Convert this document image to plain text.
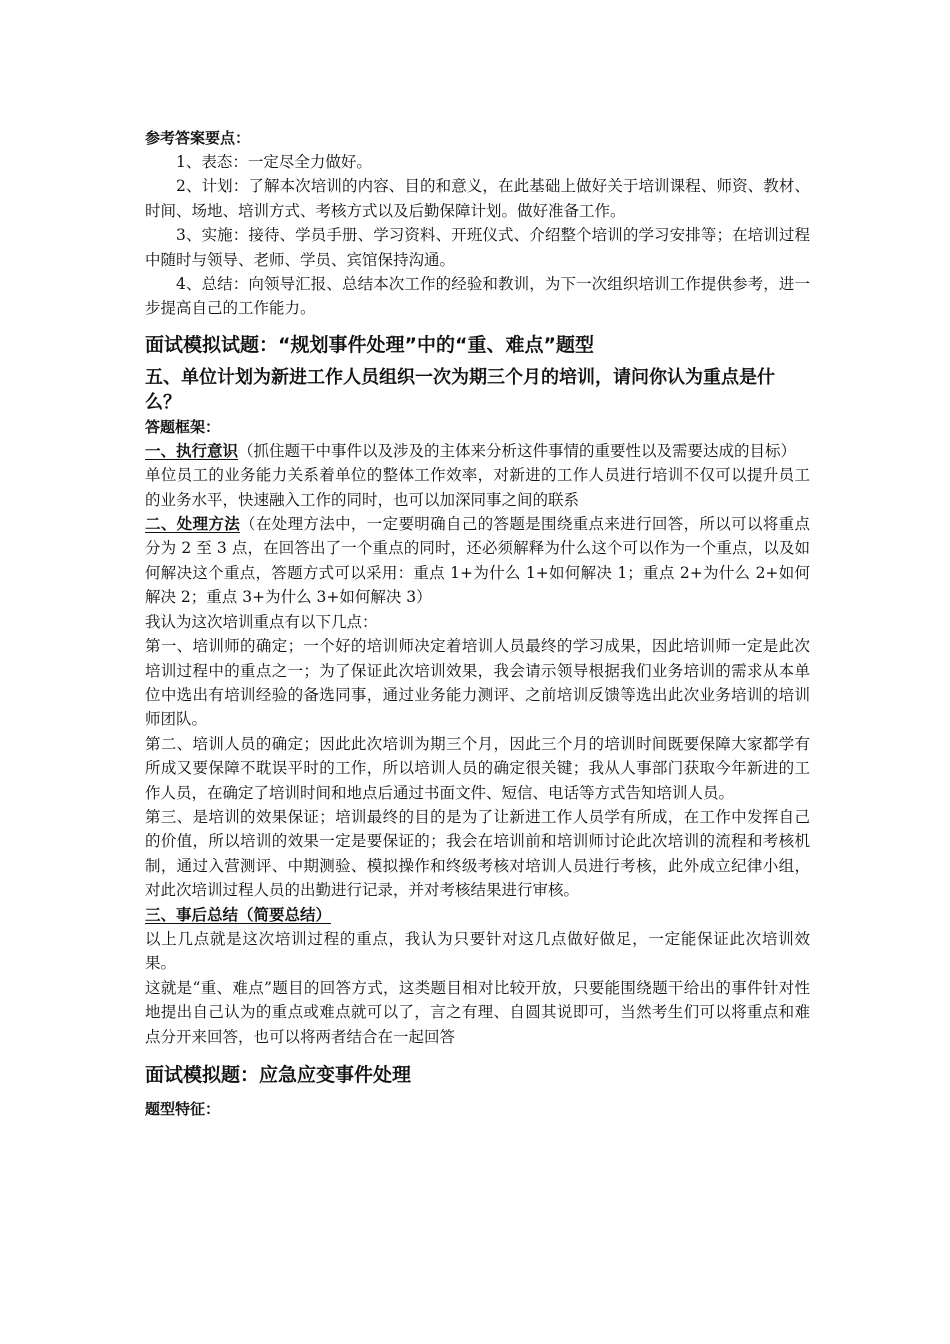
参考答案要点：

1、表态：一定尽全力做好。

2、计划：了解本次培训的内容、目的和意义，在此基础上做好关于培训课程、师资、教材、时间、场地、培训方式、考核方式以及后勤保障计划。做好准备工作。

3、实施：接待、学员手册、学习资料、开班仪式、介绍整个培训的学习安排等；在培训过程中随时与领导、老师、学员、宾馆保持沟通。

4、总结：向领导汇报、总结本次工作的经验和教训，为下一次组织培训工作提供参考，进一步提高自己的工作能力。

面试模拟试题：“规划事件处理”中的“重、难点”题型
五、单位计划为新进工作人员组织一次为期三个月的培训，请问你认为重点是什么？
答题框架：

一、执行意识（抓住题干中事件以及涉及的主体来分析这件事情的重要性以及需要达成的目标）

单位员工的业务能力关系着单位的整体工作效率，对新进的工作人员进行培训不仅可以提升员工的业务水平，快速融入工作的同时，也可以加深同事之间的联系

二、处理方法（在处理方法中，一定要明确自己的答题是围绕重点来进行回答，所以可以将重点分为 2 至 3 点，在回答出了一个重点的同时，还必须解释为什么这个可以作为一个重点，以及如何解决这个重点，答题方式可以采用：重点 1+为什么 1+如何解决 1；重点 2+为什么 2+如何解决 2；重点 3+为什么 3+如何解决 3）

我认为这次培训重点有以下几点：

第一、培训师的确定；一个好的培训师决定着培训人员最终的学习成果，因此培训师一定是此次培训过程中的重点之一；为了保证此次培训效果，我会请示领导根据我们业务培训的需求从本单位中选出有培训经验的备选同事，通过业务能力测评、之前培训反馈等选出此次业务培训的培训师团队。

第二、培训人员的确定；因此此次培训为期三个月，因此三个月的培训时间既要保障大家都学有所成又要保障不耽误平时的工作，所以培训人员的确定很关键；我从人事部门获取今年新进的工作人员，在确定了培训时间和地点后通过书面文件、短信、电话等方式告知培训人员。

第三、是培训的效果保证；培训最终的目的是为了让新进工作人员学有所成，在工作中发挥自己的价值，所以培训的效果一定是要保证的；我会在培训前和培训师讨论此次培训的流程和考核机制，通过入营测评、中期测验、模拟操作和终级考核对培训人员进行考核，此外成立纪律小组，对此次培训过程人员的出勤进行记录，并对考核结果进行审核。

三、事后总结（简要总结）

以上几点就是这次培训过程的重点，我认为只要针对这几点做好做足，一定能保证此次培训效果。

这就是“重、难点”题目的回答方式，这类题目相对比较开放，只要能围绕题干给出的事件针对性地提出自己认为的重点或难点就可以了，言之有理、自圆其说即可，当然考生们可以将重点和难点分开来回答，也可以将两者结合在一起回答

面试模拟题：应急应变事件处理
题型特征：
